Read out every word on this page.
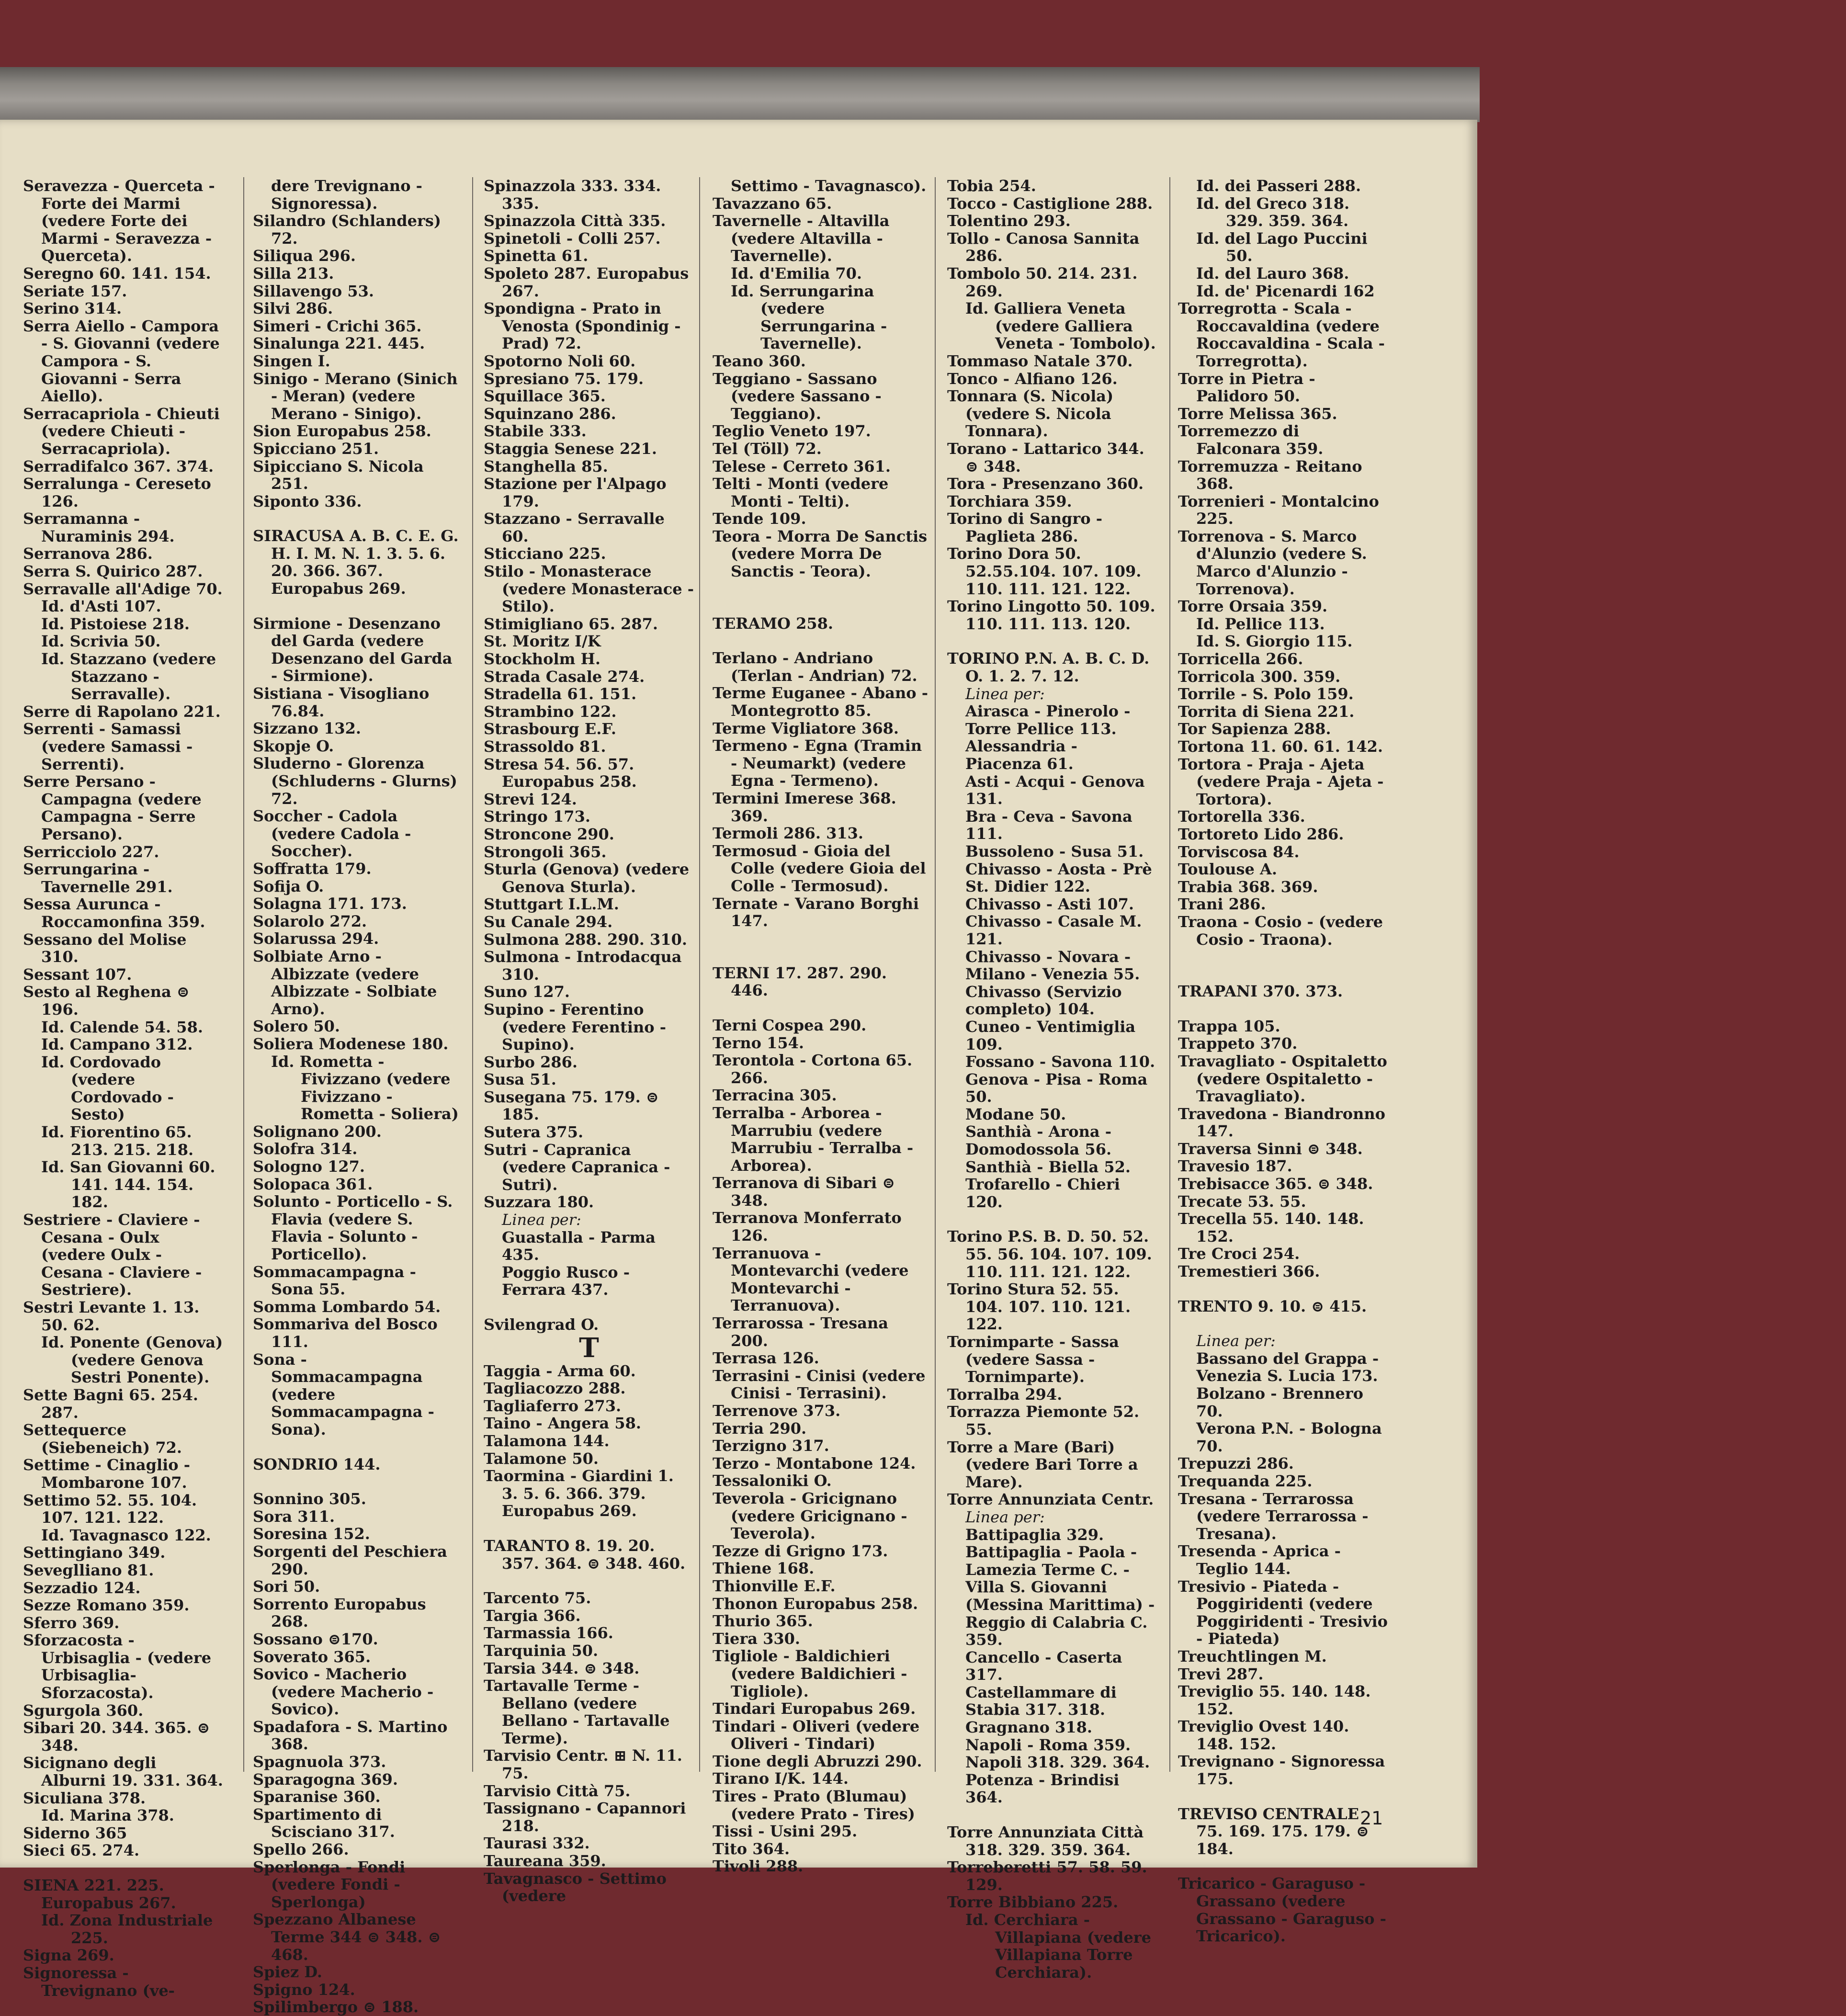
Seravezza - Querceta - Forte dei Marmi (vedere Forte dei Marmi - Seravezza - Querceta).
Seregno 60. 141. 154.
Seriate 157.
Serino 314.
Serra Aiello - Campora - S. Giovanni (vedere Campora - S. Giovanni - Serra Aiello).
Serracapriola - Chieuti (vedere Chieuti - Serracapriola).
Serradifalco 367. 374.
Serralunga - Cereseto 126.
Serramanna - Nuraminis 294.
Serranova 286.
Serra S. Quirico 287.
Serravalle all'Adige 70.
Id. d'Asti 107.
Id. Pistoiese 218.
Id. Scrivia 50.
Id. Stazzano (vedere Stazzano - Serravalle).
Serre di Rapolano 221.
Serrenti - Samassi (vedere Samassi - Serrenti).
Serre Persano - Campagna (vedere Campagna - Serre Persano).
Serricciolo 227.
Serrungarina - Tavernelle 291.
Sessa Aurunca - Roccamonfina 359.
Sessano del Molise 310.
Sessant 107.
Sesto al Reghena ⊜ 196.
Id. Calende 54. 58.
Id. Campano 312.
Id. Cordovado (vedere Cordovado - Sesto)
Id. Fiorentino 65. 213. 215. 218.
Id. San Giovanni 60. 141. 144. 154. 182.
Sestriere - Claviere - Cesana - Oulx (vedere Oulx - Cesana - Claviere - Sestriere).
Sestri Levante 1. 13. 50. 62.
Id. Ponente (Genova) (vedere Genova Sestri Ponente).
Sette Bagni 65. 254. 287.
Settequerce (Siebeneich) 72.
Settime - Cinaglio - Mombarone 107.
Settimo 52. 55. 104. 107. 121. 122.
Id. Tavagnasco 122.
Settingiano 349.
Seveglliano 81.
Sezzadio 124.
Sezze Romano 359.
Sferro 369.
Sforzacosta - Urbisaglia - (vedere Urbisaglia-Sforzacosta).
Sgurgola 360.
Sibari 20. 344. 365. ⊜ 348.
Sicignano degli Alburni 19. 331. 364.
Siculiana 378.
Id. Marina 378.
Siderno 365
Sieci 65. 274.
SIENA 221. 225. Europabus 267.
Id. Zona Industriale 225.
Signa 269.
Signoressa - Trevignano (ve-
dere Trevignano - Signoressa).
Silandro (Schlanders) 72.
Siliqua 296.
Silla 213.
Sillavengo 53.
Silvi 286.
Simeri - Crichi 365.
Sinalunga 221. 445.
Singen I.
Sinigo - Merano (Sinich - Meran) (vedere Merano - Sinigo).
Sion Europabus 258.
Spicciano 251.
Sipicciano S. Nicola 251.
Siponto 336.
SIRACUSA A. B. C. E. G. H. I. M. N. 1. 3. 5. 6. 20. 366. 367. Europabus 269.
Sirmione - Desenzano del Garda (vedere Desenzano del Garda - Sirmione).
Sistiana - Visogliano 76.84.
Sizzano 132.
Skopje O.
Sluderno - Glorenza (Schluderns - Glurns) 72.
Soccher - Cadola (vedere Cadola - Soccher).
Soffratta 179.
Sofija O.
Solagna 171. 173.
Solarolo 272.
Solarussa 294.
Solbiate Arno - Albizzate (vedere Albizzate - Solbiate Arno).
Solero 50.
Soliera Modenese 180.
Id. Rometta - Fivizzano (vedere Fivizzano - Rometta - Soliera)
Solignano 200.
Solofra 314.
Sologno 127.
Solopaca 361.
Solunto - Porticello - S. Flavia (vedere S. Flavia - Solunto - Porticello).
Sommacampagna - Sona 55.
Somma Lombardo 54.
Sommariva del Bosco 111.
Sona - Sommacampagna (vedere Sommacampagna - Sona).
SONDRIO 144.
Sonnino 305.
Sora 311.
Soresina 152.
Sorgenti del Peschiera 290.
Sori 50.
Sorrento Europabus 268.
Sossano ⊜170.
Soverato 365.
Sovico - Macherio (vedere Macherio - Sovico).
Spadafora - S. Martino 368.
Spagnuola 373.
Sparagogna 369.
Sparanise 360.
Spartimento di Scisciano 317.
Spello 266.
Sperlonga - Fondi (vedere Fondi - Sperlonga)
Spezzano Albanese Terme 344 ⊜ 348. ⊜ 468.
Spiez D.
Spigno 124.
Spilimbergo ⊜ 188.
Spinazzola 333. 334. 335.
Spinazzola Città 335.
Spinetoli - Colli 257.
Spinetta 61.
Spoleto 287. Europabus 267.
Spondigna - Prato in Venosta (Spondinig - Prad) 72.
Spotorno Noli 60.
Spresiano 75. 179.
Squillace 365.
Squinzano 286.
Stabile 333.
Staggia Senese 221.
Stanghella 85.
Stazione per l'Alpago 179.
Stazzano - Serravalle 60.
Sticciano 225.
Stilo - Monasterace (vedere Monasterace - Stilo).
Stimigliano 65. 287.
St. Moritz I/K
Stockholm H.
Strada Casale 274.
Stradella 61. 151.
Strambino 122.
Strasbourg E.F.
Strassoldo 81.
Stresa 54. 56. 57. Europabus 258.
Strevi 124.
Stringo 173.
Stroncone 290.
Strongoli 365.
Sturla (Genova) (vedere Genova Sturla).
Stuttgart I.L.M.
Su Canale 294.
Sulmona 288. 290. 310.
Sulmona - Introdacqua 310.
Suno 127.
Supino - Ferentino (vedere Ferentino - Supino).
Surbo 286.
Susa 51.
Susegana 75. 179. ⊜ 185.
Sutera 375.
Sutri - Capranica (vedere Capranica - Sutri).
Suzzara 180.
Linea per:
Guastalla - Parma 435.
Poggio Rusco - Ferrara 437.
Svilengrad O.
T
Taggia - Arma 60.
Tagliacozzo 288.
Tagliaferro 273.
Taino - Angera 58.
Talamona 144.
Talamone 50.
Taormina - Giardini 1. 3. 5. 6. 366. 379. Europabus 269.
TARANTO 8. 19. 20. 357. 364. ⊜ 348. 460.
Tarcento 75.
Targia 366.
Tarmassia 166.
Tarquinia 50.
Tarsia 344. ⊜ 348.
Tartavalle Terme - Bellano (vedere Bellano - Tartavalle Terme).
Tarvisio Centr. ⊞ N. 11. 75.
Tarvisio Città 75.
Tassignano - Capannori 218.
Taurasi 332.
Taureana 359.
Tavagnasco - Settimo (vedere
Settimo - Tavagnasco).
Tavazzano 65.
Tavernelle - Altavilla (vedere Altavilla - Tavernelle).
Id. d'Emilia 70.
Id. Serrungarina (vedere Serrungarina - Tavernelle).
Teano 360.
Teggiano - Sassano (vedere Sassano - Teggiano).
Teglio Veneto 197.
Tel (Töll) 72.
Telese - Cerreto 361.
Telti - Monti (vedere Monti - Telti).
Tende 109.
Teora - Morra De Sanctis (vedere Morra De Sanctis - Teora).
TERAMO 258.
Terlano - Andriano (Terlan - Andrian) 72.
Terme Euganee - Abano - Montegrotto 85.
Terme Vigliatore 368.
Termeno - Egna (Tramin - Neumarkt) (vedere Egna - Termeno).
Termini Imerese 368. 369.
Termoli 286. 313.
Termosud - Gioia del Colle (vedere Gioia del Colle - Termosud).
Ternate - Varano Borghi 147.
TERNI 17. 287. 290. 446.
Terni Cospea 290.
Terno 154.
Terontola - Cortona 65. 266.
Terracina 305.
Terralba - Arborea - Marrubiu (vedere Marrubiu - Terralba - Arborea).
Terranova di Sibari ⊜ 348.
Terranova Monferrato 126.
Terranuova - Montevarchi (vedere Montevarchi - Terranuova).
Terrarossa - Tresana 200.
Terrasa 126.
Terrasini - Cinisi (vedere Cinisi - Terrasini).
Terrenove 373.
Terria 290.
Terzigno 317.
Terzo - Montabone 124.
Tessaloniki O.
Teverola - Gricignano (vedere Gricignano - Teverola).
Tezze di Grigno 173.
Thiene 168.
Thionville E.F.
Thonon Europabus 258.
Thurio 365.
Tiera 330.
Tigliole - Baldichieri (vedere Baldichieri - Tigliole).
Tindari Europabus 269.
Tindari - Oliveri (vedere Oliveri - Tindari)
Tione degli Abruzzi 290.
Tirano I/K. 144.
Tires - Prato (Blumau) (vedere Prato - Tires)
Tissi - Usini 295.
Tito 364.
Tivoli 288.
Tobia 254.
Tocco - Castiglione 288.
Tolentino 293.
Tollo - Canosa Sannita 286.
Tombolo 50. 214. 231. 269.
Id. Galliera Veneta (vedere Galliera Veneta - Tombolo).
Tommaso Natale 370.
Tonco - Alfiano 126.
Tonnara (S. Nicola) (vedere S. Nicola Tonnara).
Torano - Lattarico 344. ⊜ 348.
Tora - Presenzano 360.
Torchiara 359.
Torino di Sangro - Paglieta 286.
Torino Dora 50. 52.55.104. 107. 109. 110. 111. 121. 122.
Torino Lingotto 50. 109. 110. 111. 113. 120.
TORINO P.N. A. B. C. D. O. 1. 2. 7. 12.
Linea per:
Airasca - Pinerolo - Torre Pellice 113.
Alessandria - Piacenza 61.
Asti - Acqui - Genova 131.
Bra - Ceva - Savona 111.
Bussoleno - Susa 51.
Chivasso - Aosta - Prè St. Didier 122.
Chivasso - Asti 107.
Chivasso - Casale M. 121.
Chivasso - Novara - Milano - Venezia 55.
Chivasso (Servizio completo) 104.
Cuneo - Ventimiglia 109.
Fossano - Savona 110.
Genova - Pisa - Roma 50.
Modane 50.
Santhià - Arona - Domodossola 56.
Santhià - Biella 52.
Trofarello - Chieri 120.
Torino P.S. B. D. 50. 52. 55. 56. 104. 107. 109. 110. 111. 121. 122.
Torino Stura 52. 55. 104. 107. 110. 121. 122.
Tornimparte - Sassa (vedere Sassa - Tornimparte).
Torralba 294.
Torrazza Piemonte 52. 55.
Torre a Mare (Bari) (vedere Bari Torre a Mare).
Torre Annunziata Centr.
Linea per:
Battipaglia 329.
Battipaglia - Paola - Lamezia Terme C. - Villa S. Giovanni (Messina Marittima) - Reggio di Calabria C. 359.
Cancello - Caserta 317.
Castellammare di Stabia 317. 318.
Gragnano 318.
Napoli - Roma 359.
Napoli 318. 329. 364.
Potenza - Brindisi 364.
Torre Annunziata Città 318. 329. 359. 364.
Torreberetti 57. 58. 59. 129.
Torre Bibbiano 225.
Id. Cerchiara - Villapiana (vedere Villapiana Torre Cerchiara).
Id. dei Passeri 288.
Id. del Greco 318. 329. 359. 364.
Id. del Lago Puccini 50.
Id. del Lauro 368.
Id. de' Picenardi 162
Torregrotta - Scala - Roccavaldina (vedere Roccavaldina - Scala - Torregrotta).
Torre in Pietra - Palidoro 50.
Torre Melissa 365.
Torremezzo di Falconara 359.
Torremuzza - Reitano 368.
Torrenieri - Montalcino 225.
Torrenova - S. Marco d'Alunzio (vedere S. Marco d'Alunzio - Torrenova).
Torre Orsaia 359.
Id. Pellice 113.
Id. S. Giorgio 115.
Torricella 266.
Torricola 300. 359.
Torrile - S. Polo 159.
Torrita di Siena 221.
Tor Sapienza 288.
Tortona 11. 60. 61. 142.
Tortora - Praja - Ajeta (vedere Praja - Ajeta - Tortora).
Tortorella 336.
Tortoreto Lido 286.
Torviscosa 84.
Toulouse A.
Trabia 368. 369.
Trani 286.
Traona - Cosio - (vedere Cosio - Traona).
TRAPANI 370. 373.
Trappa 105.
Trappeto 370.
Travagliato - Ospitaletto (vedere Ospitaletto - Travagliato).
Travedona - Biandronno 147.
Traversa Sinni ⊜ 348.
Travesio 187.
Trebisacce 365. ⊜ 348.
Trecate 53. 55.
Trecella 55. 140. 148. 152.
Tre Croci 254.
Tremestieri 366.
TRENTO 9. 10. ⊜ 415.
Linea per:
Bassano del Grappa - Venezia S. Lucia 173.
Bolzano - Brennero 70.
Verona P.N. - Bologna 70.
Trepuzzi 286.
Trequanda 225.
Tresana - Terrarossa (vedere Terrarossa - Tresana).
Tresenda - Aprica - Teglio 144.
Tresivio - Piateda - Poggiridenti (vedere Poggiridenti - Tresivio - Piateda)
Treuchtlingen M.
Trevi 287.
Treviglio 55. 140. 148. 152.
Treviglio Ovest 140. 148. 152.
Trevignano - Signoressa 175.
TREVISO CENTRALE 75. 169. 175. 179. ⊜ 184.
Tricarico - Garaguso - Grassano (vedere Grassano - Garaguso - Tricarico).
21
